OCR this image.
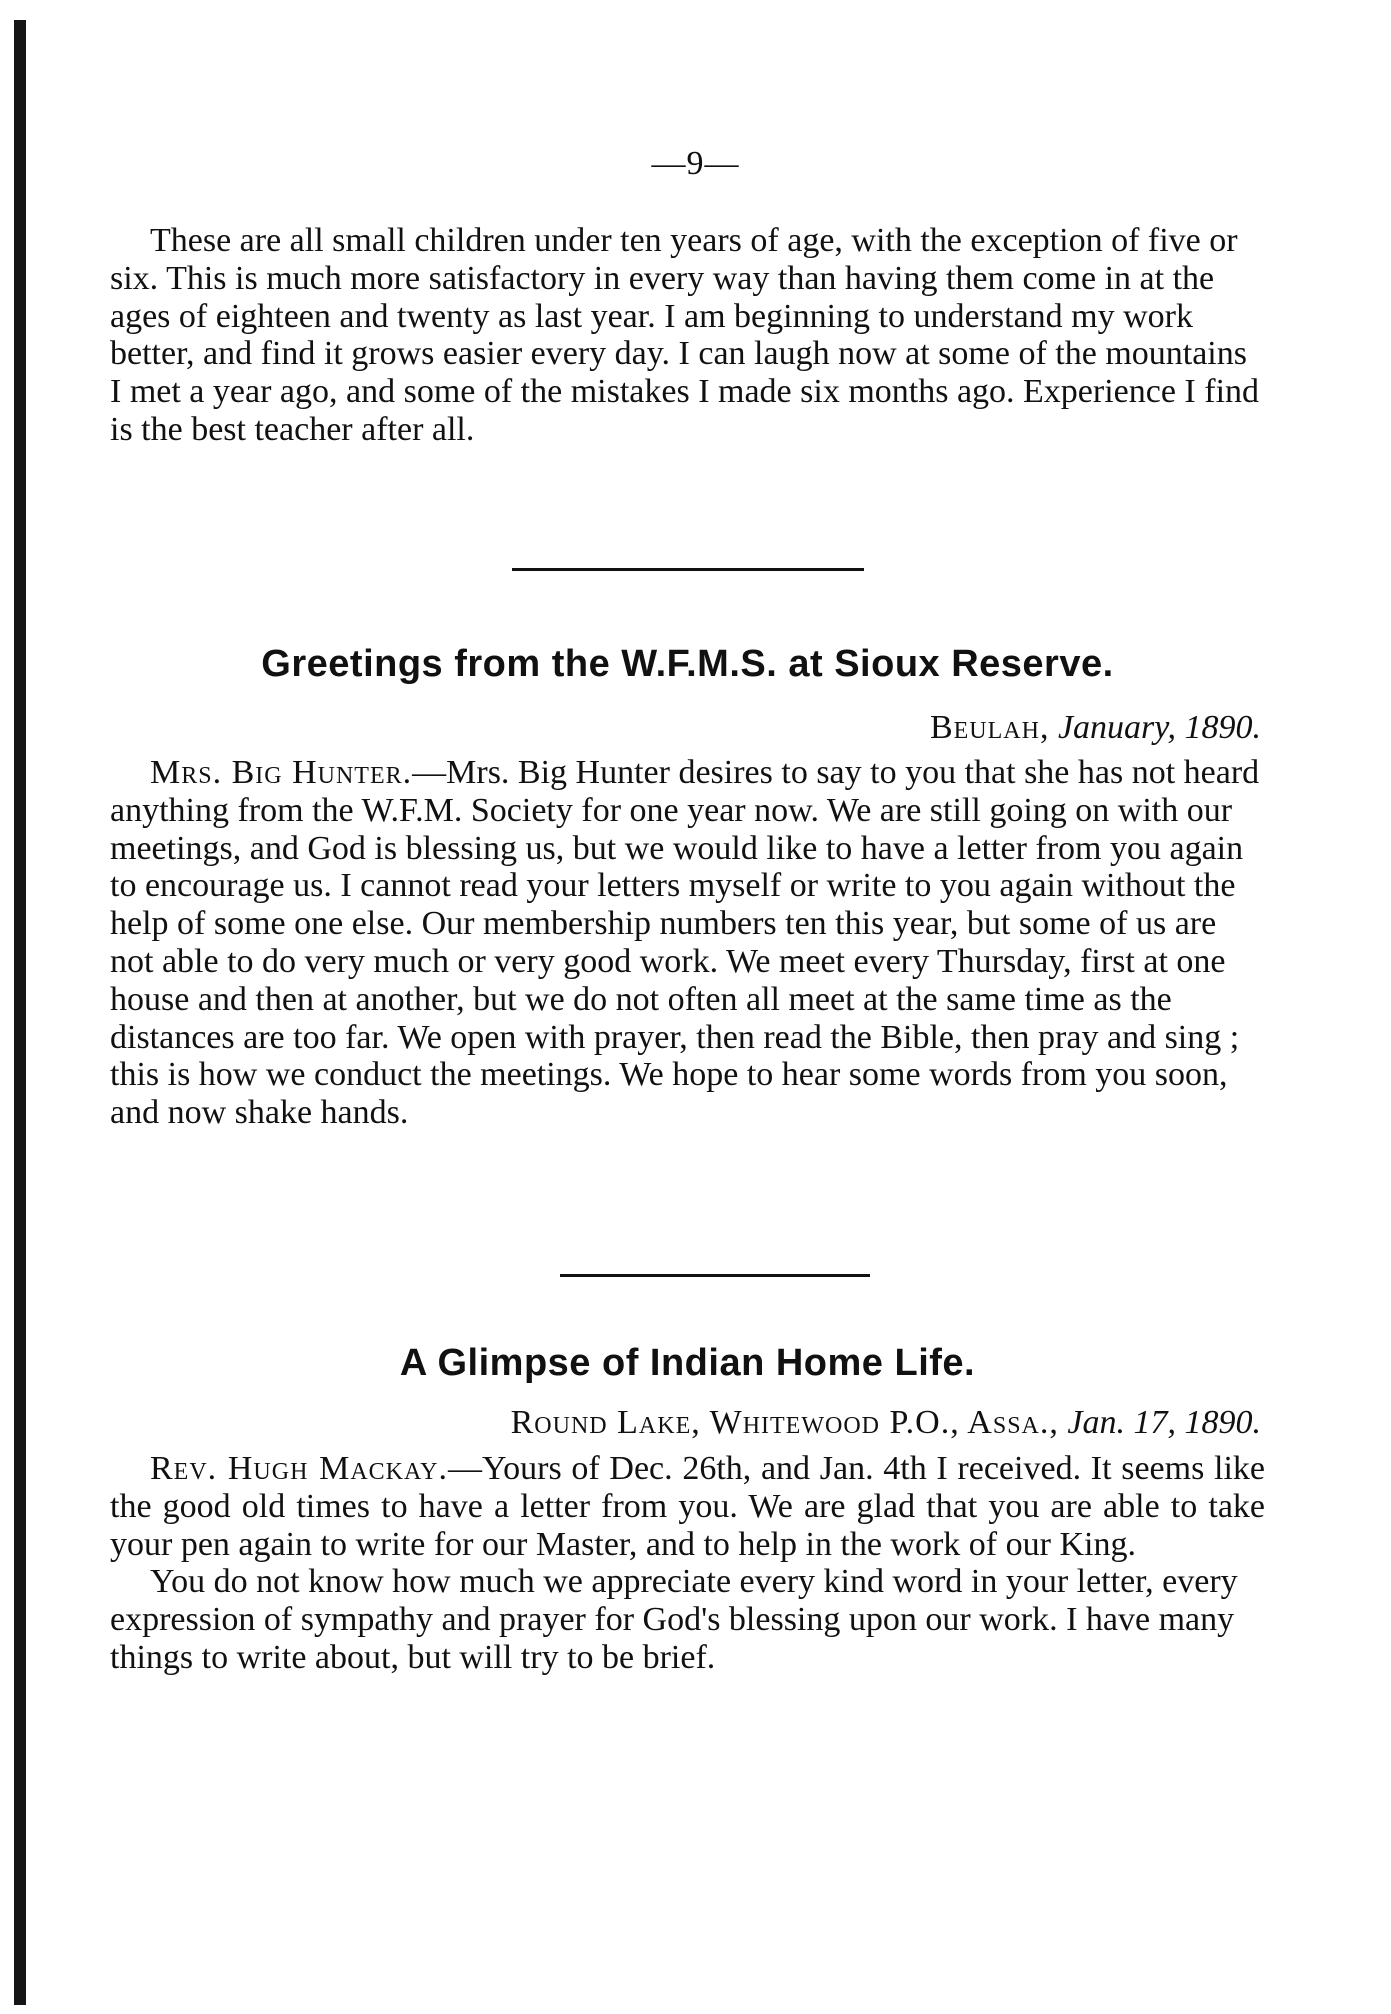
—9—

These are all small children under ten years of age, with the exception of five or six. This is much more satisfactory in every way than having them come in at the ages of eighteen and twenty as last year. I am beginning to understand my work better, and find it grows easier every day. I can laugh now at some of the mountains I met a year ago, and some of the mistakes I made six months ago. Experience I find is the best teacher after all.

Greetings from the W.F.M.S. at Sioux Reserve.

Beulah, January, 1890.

Mrs. Big Hunter.—Mrs. Big Hunter desires to say to you that she has not heard anything from the W.F.M. Society for one year now. We are still going on with our meetings, and God is blessing us, but we would like to have a letter from you again to encourage us. I cannot read your letters myself or write to you again without the help of some one else. Our membership numbers ten this year, but some of us are not able to do very much or very good work. We meet every Thursday, first at one house and then at another, but we do not often all meet at the same time as the distances are too far. We open with prayer, then read the Bible, then pray and sing ; this is how we conduct the meetings. We hope to hear some words from you soon, and now shake hands.

A Glimpse of Indian Home Life.

Round Lake, Whitewood P.O., Assa., Jan. 17, 1890.

Rev. Hugh Mackay.—Yours of Dec. 26th, and Jan. 4th I received. It seems like the good old times to have a letter from you. We are glad that you are able to take your pen again to write for our Master, and to help in the work of our King.

You do not know how much we appreciate every kind word in your letter, every expression of sympathy and prayer for God's blessing upon our work. I have many things to write about, but will try to be brief.
